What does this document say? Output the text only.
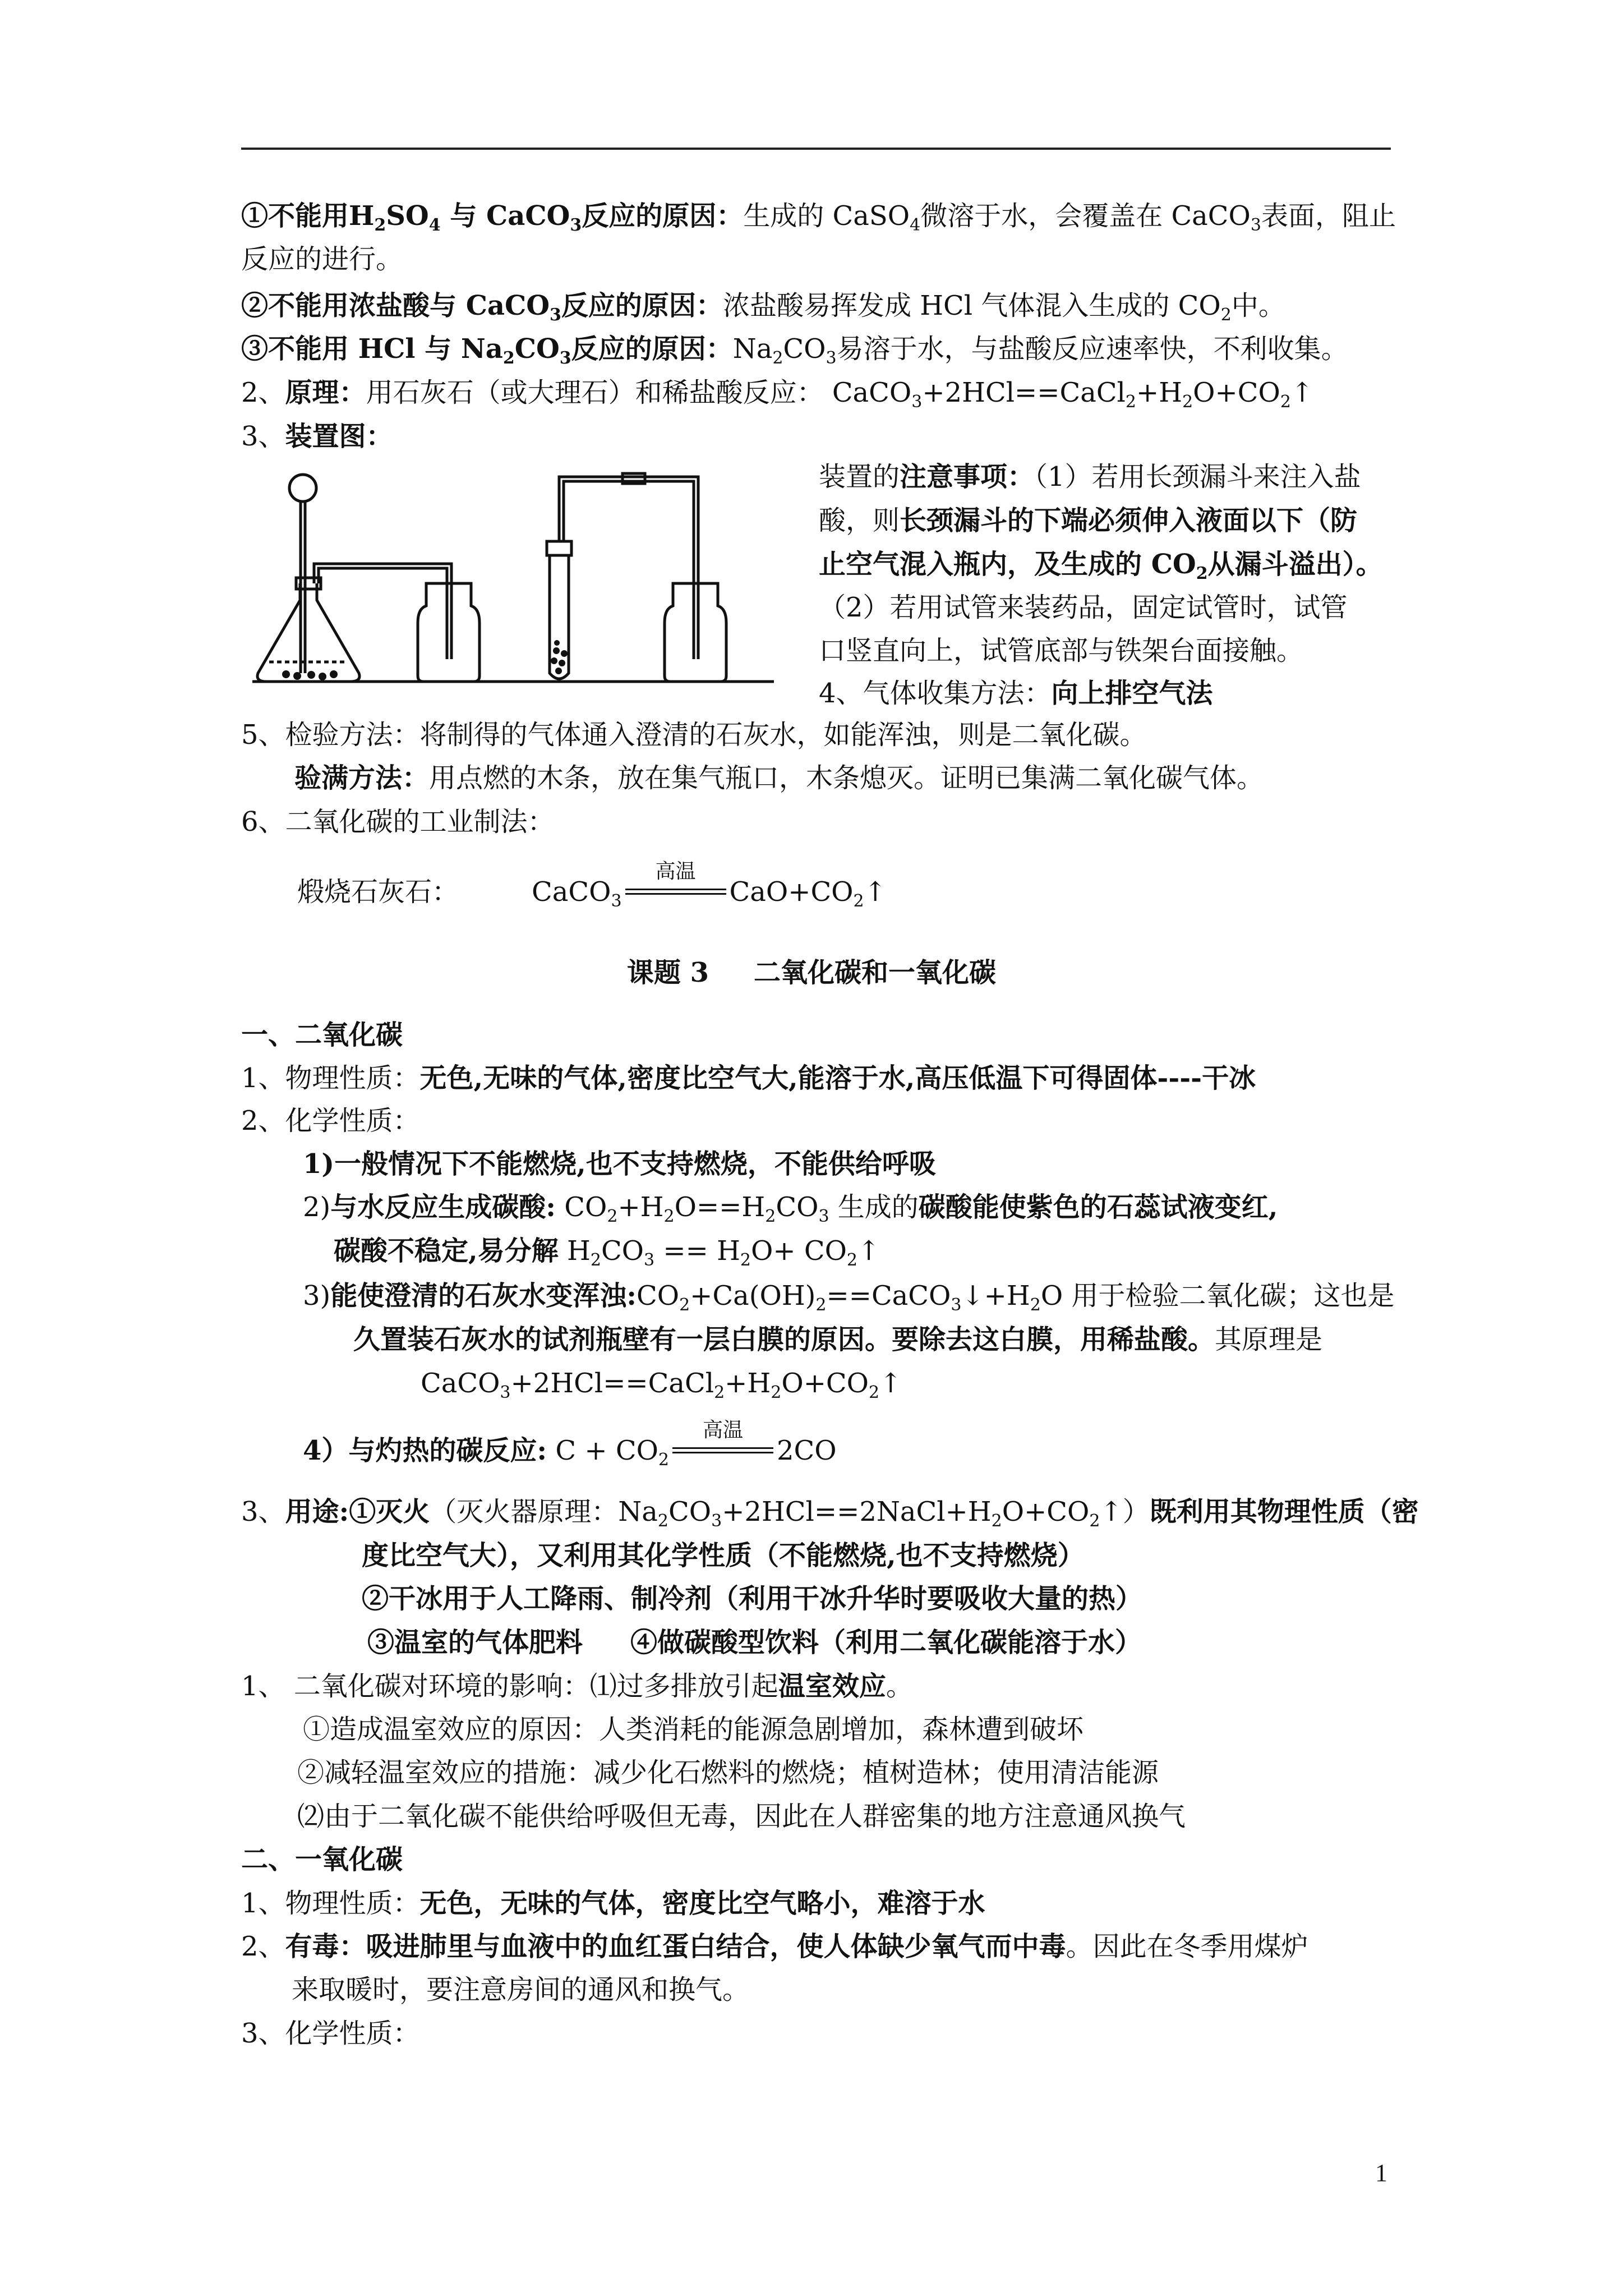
①不能用$H_2SO_4$ 与 CaCO$_3$反应的原因：生成的 CaSO$_4$微溶于水，会覆盖在 CaCO$_3$表面，阻止
反应的进行。
②不能用浓盐酸与 CaCO$_3$反应的原因：浓盐酸易挥发成 HCl 气体混入生成的 $CO_2$中。
③不能用 HCl 与 $Na_2CO_3$反应的原因：$Na_2CO_3$易溶于水，与盐酸反应速率快，不利收集。
2、原理：用石灰石（或大理石）和稀盐酸反应： $CaCO_3+2HCl==CaCl_2+H_2O+CO_2↑$
3、装置图：
装置的注意事项：（1）若用长颈漏斗来注入盐
酸，则长颈漏斗的下端必须伸入液面以下（防
止空气混入瓶内，及生成的 $CO_2$从漏斗溢出）。
（2）若用试管来装药品，固定试管时，试管
口竖直向上，试管底部与铁架台面接触。
4、气体收集方法：向上排空气法
5、检验方法：将制得的气体通入澄清的石灰水，如能浑浊，则是二氧化碳。
验满方法：用点燃的木条，放在集气瓶口，木条熄灭。证明已集满二氧化碳气体。
6、二氧化碳的工业制法：
煅烧石灰石：	CaCO$_3$
高温
$CaO+CO_2↑$
课题 3 二氧化碳和一氧化碳
一、二氧化碳
1、物理性质：无色,无味的气体,密度比空气大,能溶于水,高压低温下可得固体----干冰
2、化学性质：
1)一般情况下不能燃烧,也不支持燃烧，不能供给呼吸
2)与水反应生成碳酸: $CO_2+H_2O==H_2CO_3$ 生成的碳酸能使紫色的石蕊试液变红,
碳酸不稳定,易分解 $H_2CO_3 == H_2O+$ $CO_2↑$
3)能使澄清的石灰水变浑浊$:CO_2+Ca(OH)_2==CaCO_3↓+H_2O$ 用于检验二氧化碳；这也是
久置装石灰水的试剂瓶壁有一层白膜的原因。要除去这白膜，用稀盐酸。其原理是
$CaCO_3+2HCl==CaCl_2+H_2O+CO_2↑$
4）与灼热的碳反应: $C + CO_2$
高温
2CO
3、用途:①灭火（灭火器原理：$Na_2CO_3+2HCl==2NaCl+H_2O+CO_2↑$）既利用其物理性质（密
度比空气大），又利用其化学性质（不能燃烧,也不支持燃烧）
②干冰用于人工降雨、制冷剂（利用干冰升华时要吸收大量的热）
③温室的气体肥料 ④做碳酸型饮料（利用二氧化碳能溶于水）
1、 二氧化碳对环境的影响：⑴过多排放引起温室效应。
①造成温室效应的原因：人类消耗的能源急剧增加，森林遭到破坏
②减轻温室效应的措施：减少化石燃料的燃烧；植树造林；使用清洁能源
⑵由于二氧化碳不能供给呼吸但无毒，因此在人群密集的地方注意通风换气
二、一氧化碳
1、物理性质：无色，无味的气体，密度比空气略小，难溶于水
2、有毒：吸进肺里与血液中的血红蛋白结合，使人体缺少氧气而中毒。因此在冬季用煤炉
来取暖时，要注意房间的通风和换气。
3、化学性质：
1
